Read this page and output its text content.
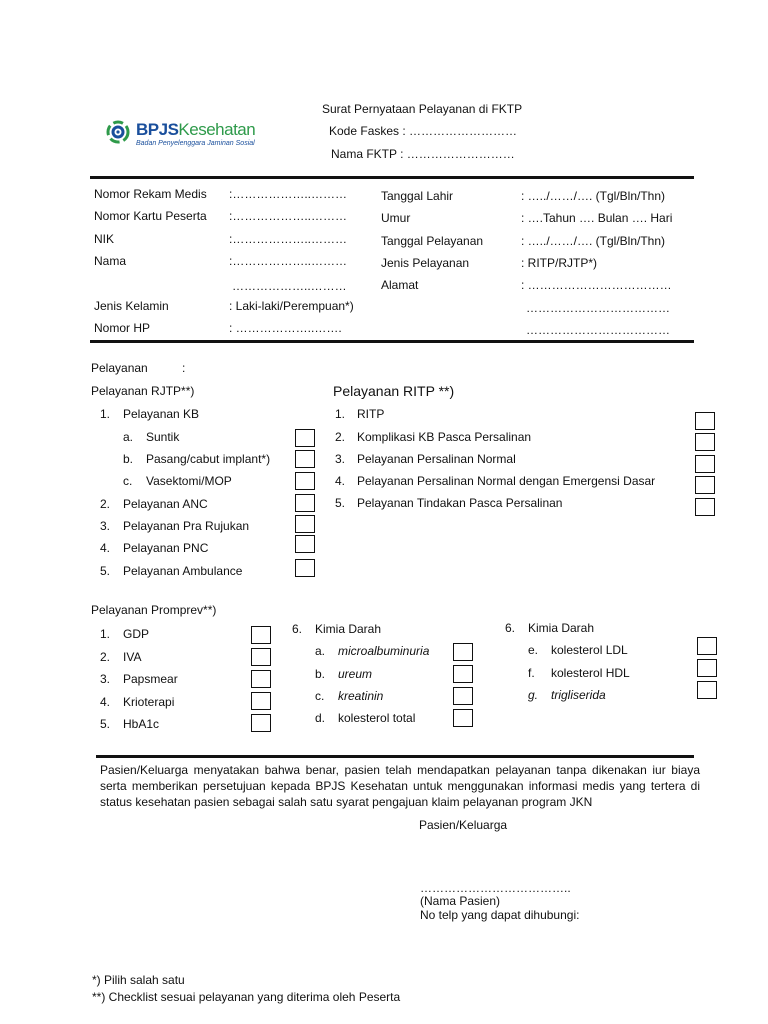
BPJSKesehatan
Badan Penyelenggara Jaminan Sosial
Surat Pernyataan Pelayanan di FKTP
Kode Faskes : ………………………
Nama FKTP : ………………………
Nomor Rekam Medis :………………..………
Nomor Kartu Peserta :………………..………
NIK	:………………..………
Nama	:………………..………
………………..………
Jenis Kelamin	: Laki-laki/Perempuan*)
Nomor HP	: ………………..…….
Tanggal Lahir	: …../……/…. (Tgl/Bln/Thn)
Umur	: ….Tahun …. Bulan …. Hari
Tanggal Pelayanan	: …../……/…. (Tgl/Bln/Thn)
Jenis Pelayanan	: RITP/RJTP*)
Alamat	: ………………………………
………………………………
………………………………
Pelayanan	:
Pelayanan RJTP**)
1. Pelayanan KB
a. Suntik
b. Pasang/cabut implant*)
c. Vasektomi/MOP
2. Pelayanan ANC
3. Pelayanan Pra Rujukan
4. Pelayanan PNC
5. Pelayanan Ambulance
Pelayanan RITP **)
1. RITP
2. Komplikasi KB Pasca Persalinan
3. Pelayanan Persalinan Normal
4. Pelayanan Persalinan Normal dengan Emergensi Dasar
5. Pelayanan Tindakan Pasca Persalinan
Pelayanan Promprev**)
1. GDP
2. IVA
3. Papsmear
4. Krioterapi
5. HbA1c
6. Kimia Darah
a. microalbuminuria
b. ureum
c. kreatinin
d. kolesterol total
6. Kimia Darah
e. kolesterol LDL
f. kolesterol HDL
g. trigliserida
Pasien/Keluarga menyatakan bahwa benar, pasien telah mendapatkan pelayanan tanpa dikenakan iur biaya serta memberikan persetujuan kepada BPJS Kesehatan untuk menggunakan informasi medis yang tertera di status kesehatan pasien sebagai salah satu syarat pengajuan klaim pelayanan program JKN
Pasien/Keluarga
………………………………..
(Nama Pasien)
No telp yang dapat dihubungi:
*) Pilih salah satu
**) Checklist sesuai pelayanan yang diterima oleh Peserta
